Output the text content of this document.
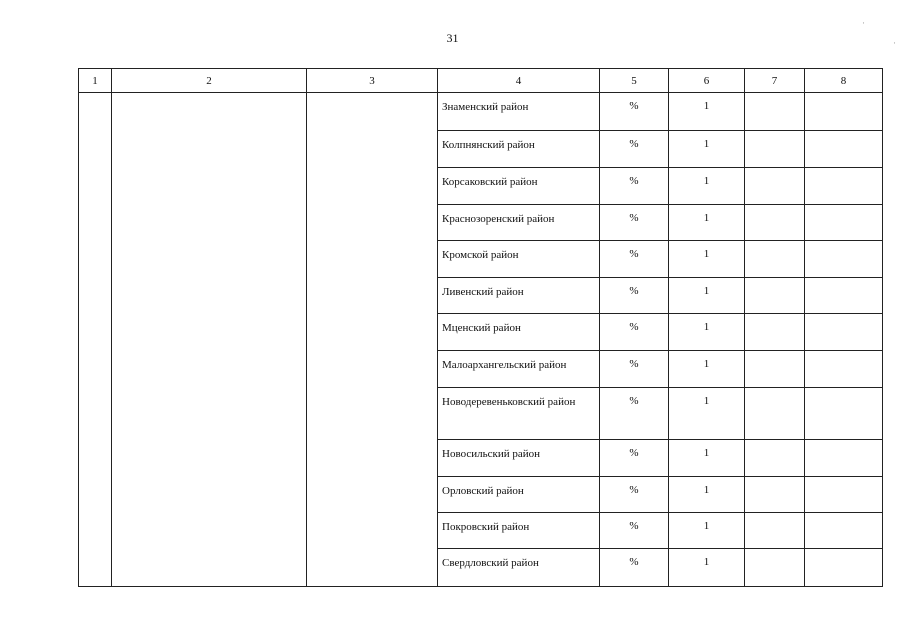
31
1	2	3	4	5	6	7	8
			Знаменский район	%	1		
			Колпнянский район	%	1		
			Корсаковский район	%	1		
			Краснозоренский район	%	1		
			Кромской район	%	1		
			Ливенский район	%	1		
			Мценский район	%	1		
			Малоархангельский район	%	1		
			Новодеревеньковский район	%	1		
			Новосильский район	%	1		
			Орловский район	%	1		
			Покровский район	%	1		
			Свердловский район	%	1		
·
·
